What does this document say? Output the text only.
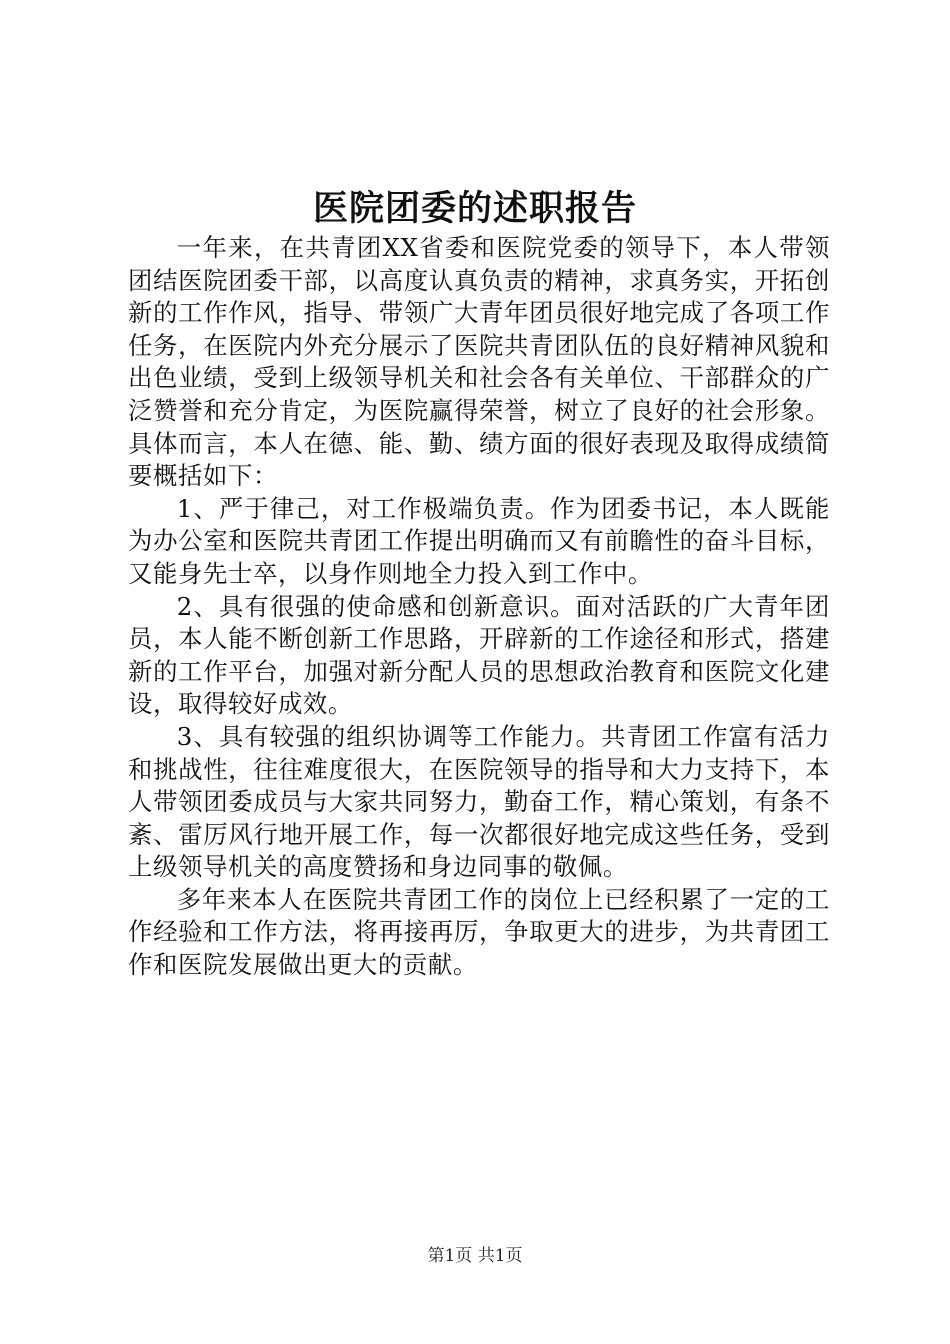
医院团委的述职报告

一年来，在共青团XX省委和医院党委的领导下，本人带领团结医院团委干部，以高度认真负责的精神，求真务实，开拓创新的工作作风，指导、带领广大青年团员很好地完成了各项工作任务，在医院内外充分展示了医院共青团队伍的良好精神风貌和出色业绩，受到上级领导机关和社会各有关单位、干部群众的广泛赞誉和充分肯定，为医院赢得荣誉，树立了良好的社会形象。具体而言，本人在德、能、勤、绩方面的很好表现及取得成绩简要概括如下：

1、严于律己，对工作极端负责。作为团委书记，本人既能为办公室和医院共青团工作提出明确而又有前瞻性的奋斗目标，又能身先士卒，以身作则地全力投入到工作中。

2、具有很强的使命感和创新意识。面对活跃的广大青年团员，本人能不断创新工作思路，开辟新的工作途径和形式，搭建新的工作平台，加强对新分配人员的思想政治教育和医院文化建设，取得较好成效。

3、具有较强的组织协调等工作能力。共青团工作富有活力和挑战性，往往难度很大，在医院领导的指导和大力支持下，本人带领团委成员与大家共同努力，勤奋工作，精心策划，有条不紊、雷厉风行地开展工作，每一次都很好地完成这些任务，受到上级领导机关的高度赞扬和身边同事的敬佩。

多年来本人在医院共青团工作的岗位上已经积累了一定的工作经验和工作方法，将再接再厉，争取更大的进步，为共青团工作和医院发展做出更大的贡献。

第1页 共1页
